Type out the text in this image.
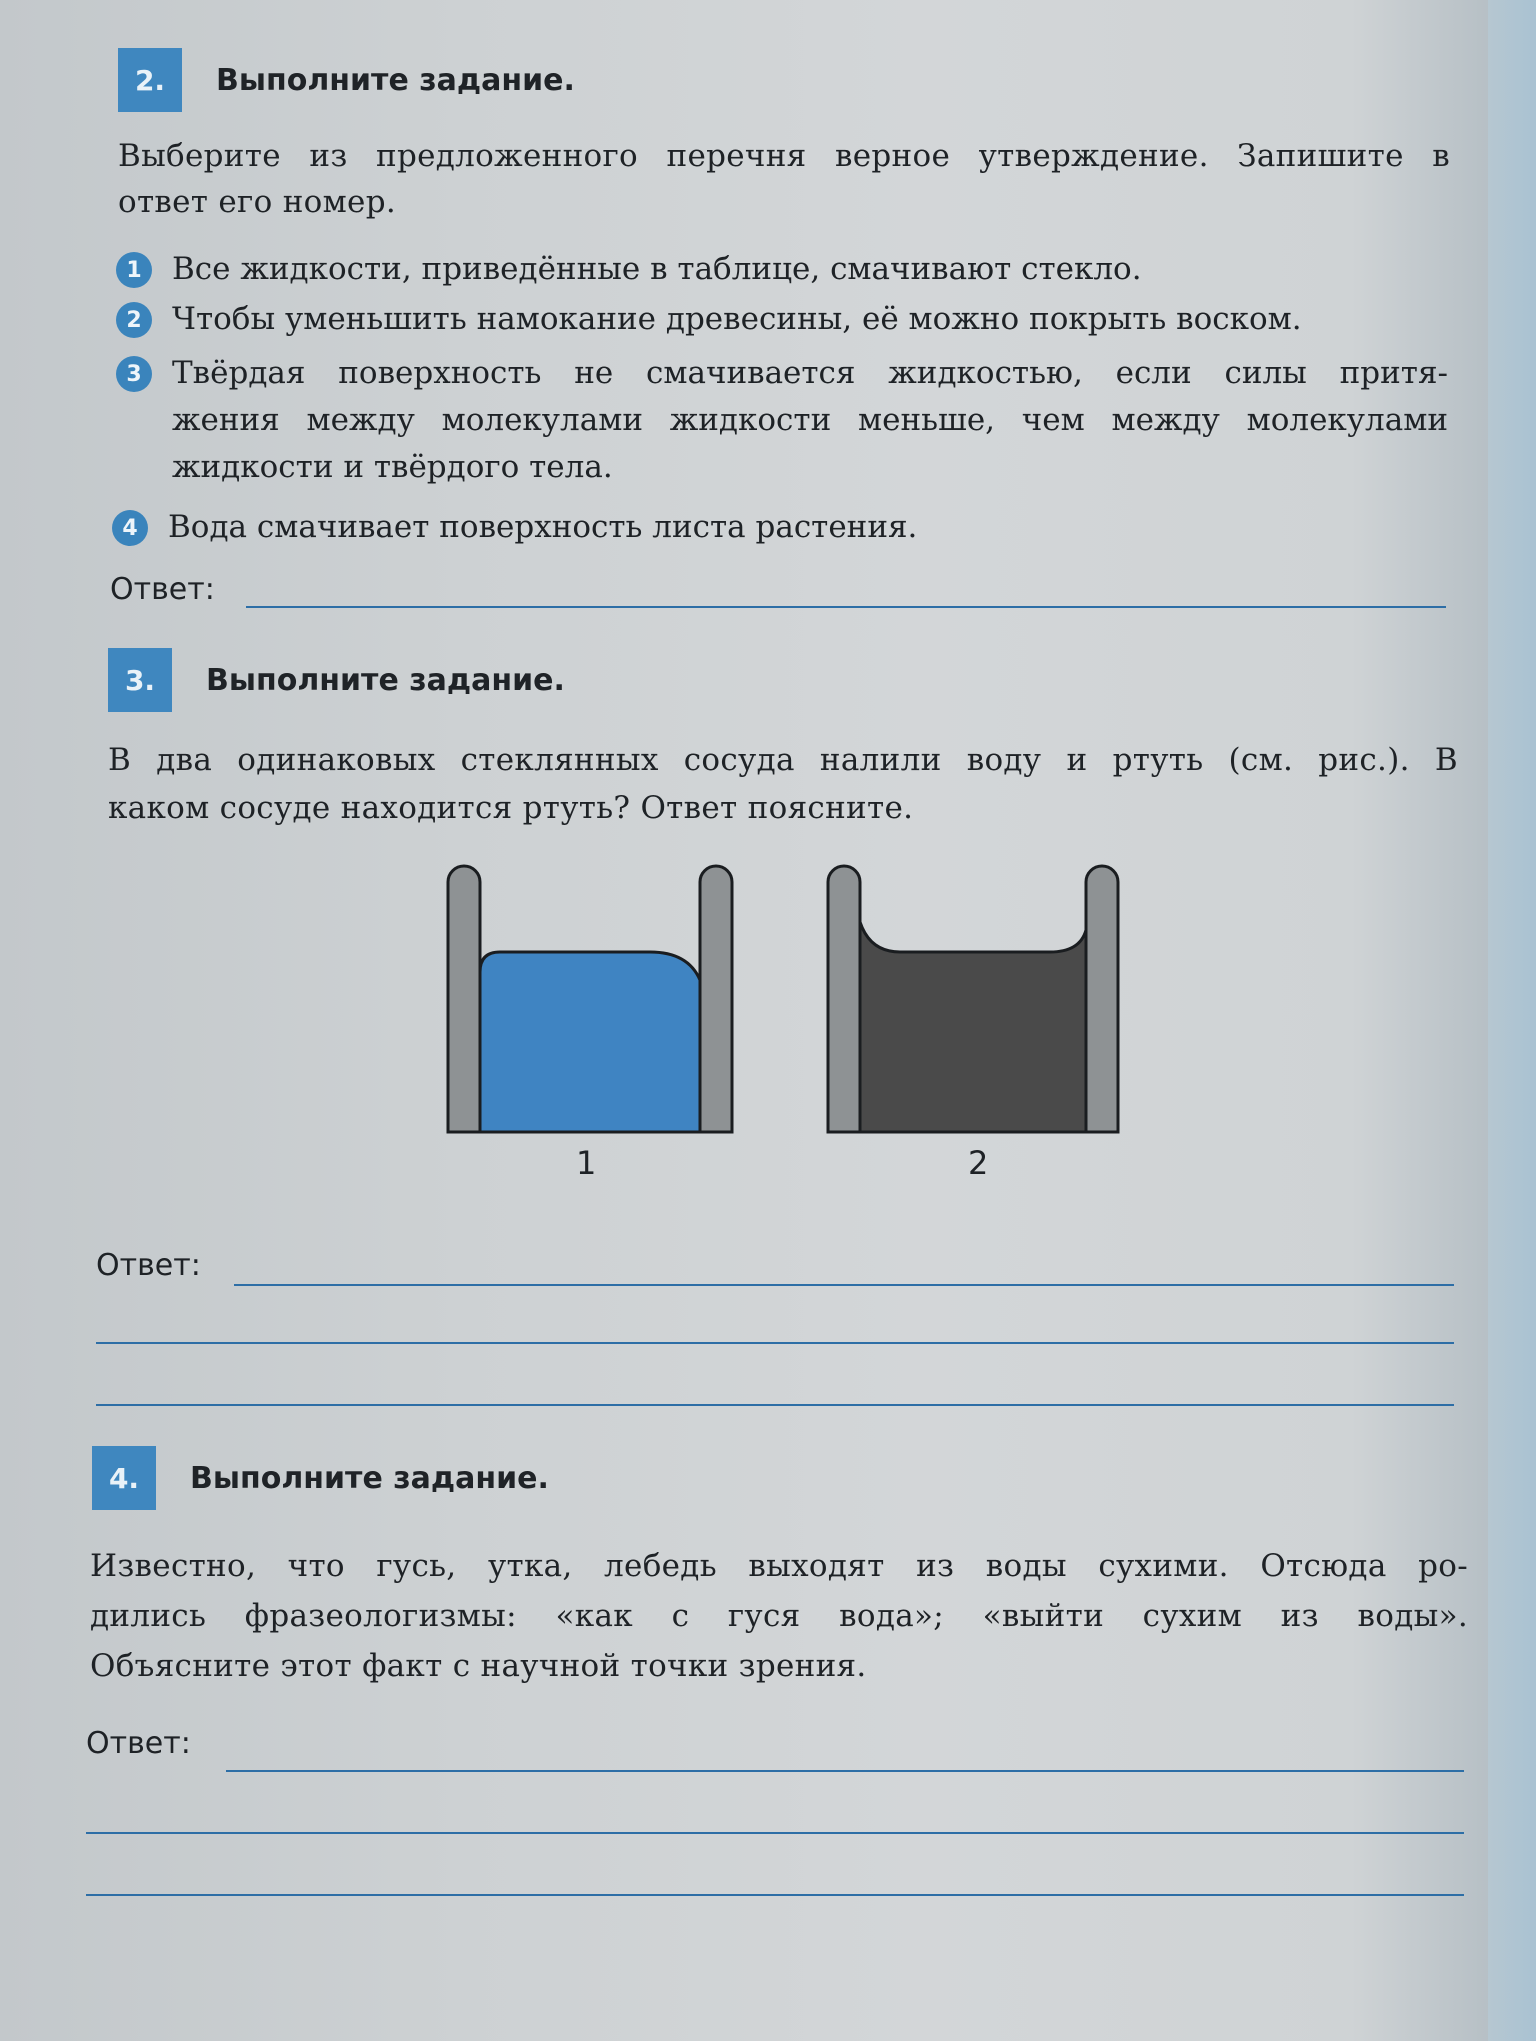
2.	Выполните задание.
Выберите из предложенного перечня верное утверждение. Запишите в
ответ его номер.
1 Все жидкости, приведённые в таблице, смачивают стекло.
2 Чтобы уменьшить намокание древесины, её можно покрыть воском.
3 Твёрдая поверхность не смачивается жидкостью, если силы притя-
жения между молекулами жидкости меньше, чем между молекулами
жидкости и твёрдого тела.
4 Вода смачивает поверхность листа растения.
Ответ:
3.	Выполните задание.
В два одинаковых стеклянных сосуда налили воду и ртуть (см. рис.). В
каком сосуде находится ртуть? Ответ поясните.
1	2
Ответ:
4.	Выполните задание.
Известно, что гусь, утка, лебедь выходят из воды сухими. Отсюда ро-
дились фразеологизмы: «как с гуся вода»; «выйти сухим из воды».
Объясните этот факт с научной точки зрения.
Ответ:
